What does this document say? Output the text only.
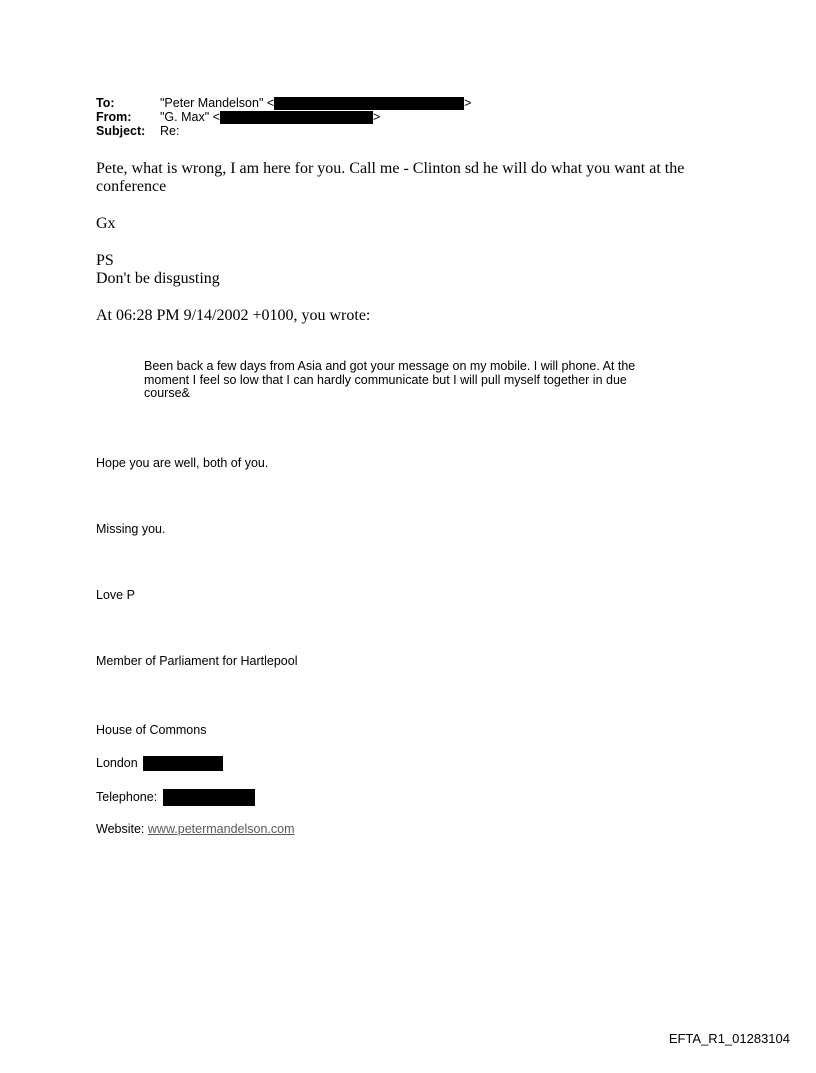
To:	"Peter Mandelson" <	>
From:	"G. Max" <	>
Subject:	Re:
Pete, what is wrong, I am here for you. Call me - Clinton sd he will do what you want at the
conference
Gx
PS
Don't be disgusting
At 06:28 PM 9/14/2002 +0100, you wrote:
Been back a few days from Asia and got your message on my mobile. I will phone. At the moment I feel so low that I can hardly communicate but I will pull myself together in due course&
Hope you are well, both of you.
Missing you.
Love P
Member of Parliament for Hartlepool
House of Commons
London
Telephone:
Website: www.petermandelson.com
EFTA_R1_01283104
